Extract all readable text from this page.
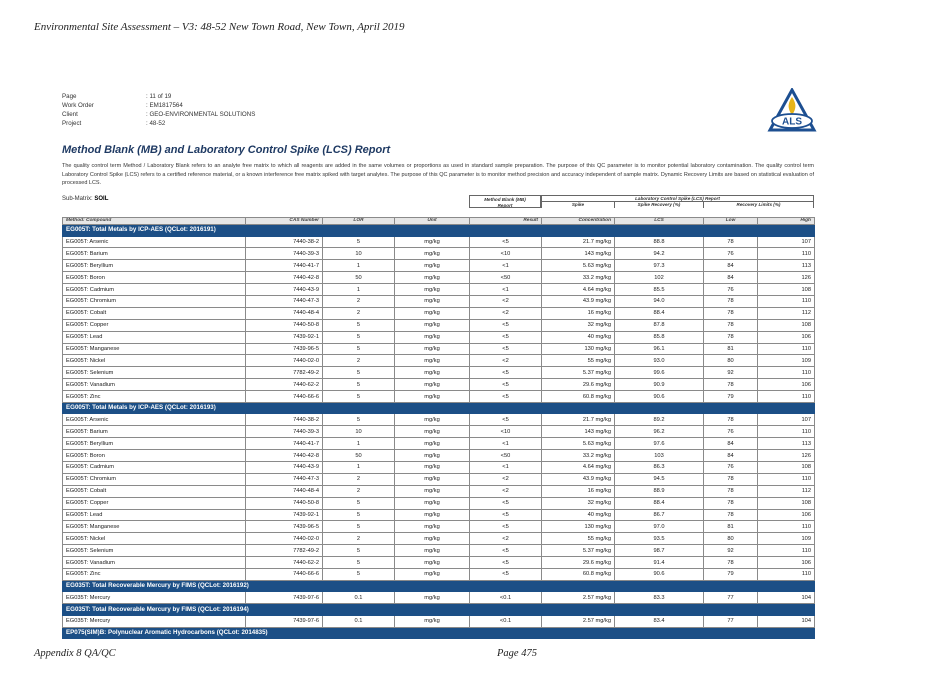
Environmental Site Assessment – V3: 48-52 New Town Road, New Town, April 2019
Page	: 11 of 19
Work Order	: EM1817564
Client	: GEO-ENVIRONMENTAL SOLUTIONS
Project	: 48-52	ALS
Method Blank (MB) and Laboratory Control Spike (LCS) Report
The quality control term Method / Laboratory Blank refers to an analyte free matrix to which all reagents are added in the same volumes or proportions as used in standard sample preparation. The purpose of this QC parameter is to monitor potential laboratory contamination. The quality control term Laboratory Control Spike (LCS) refers to a certified reference material, or a known interference free matrix spiked with target analytes. The purpose of this QC parameter is to monitor method precision and accuracy independent of sample matrix. Dynamic Recovery Limits are based on statistical evaluation of processed LCS.
Sub-Matrix: SOIL	Method Blank (MB)
Report
Laboratory Control Spike (LCS) Report
Spike	Spike Recovery (%)	Recovery Limits (%)
Method: Compound	CAS Number	LOR	Unit	Result	Concentration	LCS	Low	High
EG005T: Total Metals by ICP-AES (QCLot: 2016191)								
EG005T: Arsenic	7440-38-2	5	mg/kg	<5	21.7 mg/kg	88.8	78	107
EG005T: Barium	7440-39-3	10	mg/kg	<10	143 mg/kg	94.2	76	110
EG005T: Beryllium	7440-41-7	1	mg/kg	<1	5.63 mg/kg	97.3	84	113
EG005T: Boron	7440-42-8	50	mg/kg	<50	33.2 mg/kg	102	84	126
EG005T: Cadmium	7440-43-9	1	mg/kg	<1	4.64 mg/kg	85.5	76	108
EG005T: Chromium	7440-47-3	2	mg/kg	<2	43.9 mg/kg	94.0	78	110
EG005T: Cobalt	7440-48-4	2	mg/kg	<2	16 mg/kg	88.4	78	112
EG005T: Copper	7440-50-8	5	mg/kg	<5	32 mg/kg	87.8	78	108
EG005T: Lead	7439-92-1	5	mg/kg	<5	40 mg/kg	85.8	78	106
EG005T: Manganese	7439-96-5	5	mg/kg	<5	130 mg/kg	96.1	81	110
EG005T: Nickel	7440-02-0	2	mg/kg	<2	55 mg/kg	93.0	80	109
EG005T: Selenium	7782-49-2	5	mg/kg	<5	5.37 mg/kg	99.6	92	110
EG005T: Vanadium	7440-62-2	5	mg/kg	<5	29.6 mg/kg	90.9	78	106
EG005T: Zinc	7440-66-6	5	mg/kg	<5	60.8 mg/kg	90.6	79	110
EG005T: Total Metals by ICP-AES (QCLot: 2016193)								
EG005T: Arsenic	7440-38-2	5	mg/kg	<5	21.7 mg/kg	89.2	78	107
EG005T: Barium	7440-39-3	10	mg/kg	<10	143 mg/kg	96.2	76	110
EG005T: Beryllium	7440-41-7	1	mg/kg	<1	5.63 mg/kg	97.6	84	113
EG005T: Boron	7440-42-8	50	mg/kg	<50	33.2 mg/kg	103	84	126
EG005T: Cadmium	7440-43-9	1	mg/kg	<1	4.64 mg/kg	86.3	76	108
EG005T: Chromium	7440-47-3	2	mg/kg	<2	43.9 mg/kg	94.5	78	110
EG005T: Cobalt	7440-48-4	2	mg/kg	<2	16 mg/kg	88.9	78	112
EG005T: Copper	7440-50-8	5	mg/kg	<5	32 mg/kg	88.4	78	108
EG005T: Lead	7439-92-1	5	mg/kg	<5	40 mg/kg	86.7	78	106
EG005T: Manganese	7439-96-5	5	mg/kg	<5	130 mg/kg	97.0	81	110
EG005T: Nickel	7440-02-0	2	mg/kg	<2	55 mg/kg	93.5	80	109
EG005T: Selenium	7782-49-2	5	mg/kg	<5	5.37 mg/kg	98.7	92	110
EG005T: Vanadium	7440-62-2	5	mg/kg	<5	29.6 mg/kg	91.4	78	106
EG005T: Zinc	7440-66-6	5	mg/kg	<5	60.8 mg/kg	90.6	79	110
EG035T: Total Recoverable Mercury by FIMS (QCLot: 2016192)								
EG035T: Mercury	7439-97-6	0.1	mg/kg	<0.1	2.57 mg/kg	83.3	77	104
EG035T: Total Recoverable Mercury by FIMS (QCLot: 2016194)								
EG035T: Mercury	7439-97-6	0.1	mg/kg	<0.1	2.57 mg/kg	83.4	77	104
EP075(SIM)B: Polynuclear Aromatic Hydrocarbons (QCLot: 2014835)								
Appendix 8 QA/QC	Page 475
